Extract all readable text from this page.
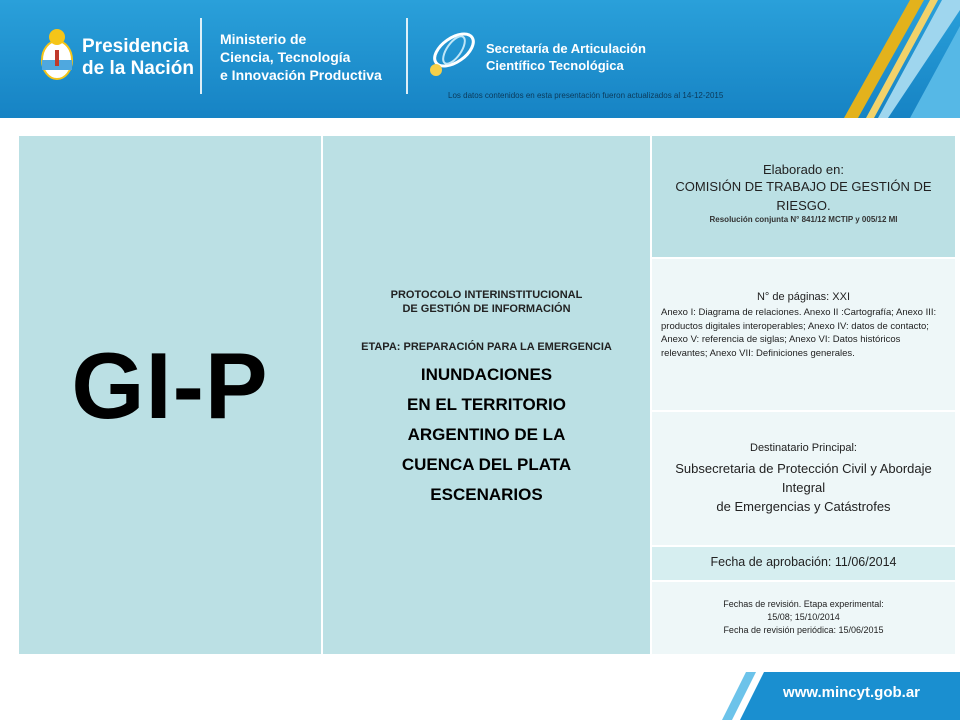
Presidencia
de la Nación
Ministerio de
Ciencia, Tecnología
e Innovación Productiva
Secretaría de Articulación
Científico Tecnológica
Los datos contenidos en esta presentación fueron actualizados al 14-12-2015
GI-P
PROTOCOLO INTERINSTITUCIONAL
DE GESTIÓN DE INFORMACIÓN
ETAPA: PREPARACIÓN PARA LA EMERGENCIA
INUNDACIONES
EN EL TERRITORIO
ARGENTINO DE LA
CUENCA DEL PLATA
ESCENARIOS
Elaborado en:
COMISIÓN DE TRABAJO DE GESTIÓN DE RIESGO.
Resolución conjunta N° 841/12 MCTIP y 005/12 MI
N° de páginas: XXI
Anexo I: Diagrama de relaciones. Anexo II :Cartografía; Anexo III: productos digitales interoperables; Anexo IV: datos de contacto; Anexo V: referencia de siglas; Anexo VI: Datos históricos relevantes; Anexo VII: Definiciones generales.
Destinatario Principal:
Subsecretaria de Protección Civil y Abordaje Integral
de Emergencias y Catástrofes
Fecha de aprobación: 11/06/2014
Fechas de revisión. Etapa experimental:
15/08; 15/10/2014
Fecha de revisión periódica: 15/06/2015
www.mincyt.gob.ar
